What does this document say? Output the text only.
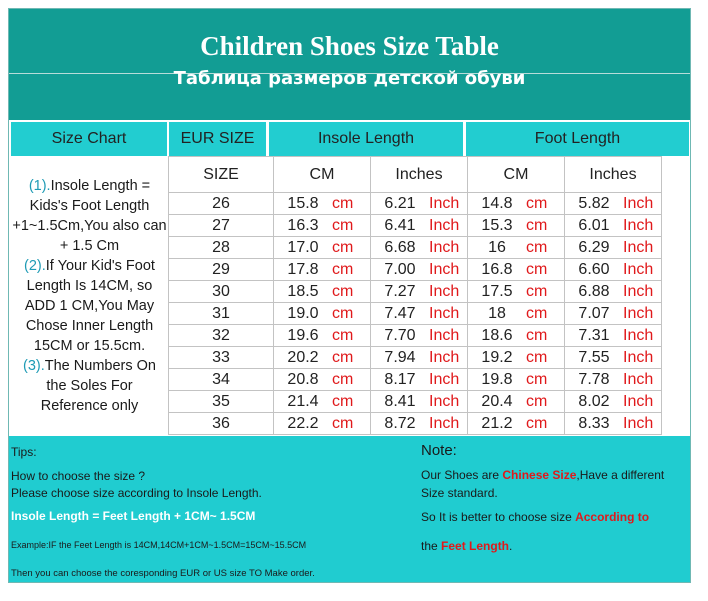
Children Shoes Size Table
Таблица размеров детской обуви
Size Chart	EUR SIZE	Insole Length	Foot Length

(1).Insole Length = Kids's Foot Length +1~1.5Cm,You also can + 1.5 Cm

(2).If Your Kid's Foot Length Is 14CM, so ADD 1 CM,You May Chose Inner Length 15CM or 15.5cm.

(3).The Numbers On the Soles For Reference only

SIZE	CM	Inches	CM	Inches
26	15.8 cm	6.21 Inch	14.8 cm	5.82 Inch
27	16.3 cm	6.41 Inch	15.3 cm	6.01 Inch
28	17.0 cm	6.68 Inch	16 cm	6.29 Inch
29	17.8 cm	7.00 Inch	16.8 cm	6.60 Inch
30	18.5 cm	7.27 Inch	17.5 cm	6.88 Inch
31	19.0 cm	7.47 Inch	18 cm	7.07 Inch
32	19.6 cm	7.70 Inch	18.6 cm	7.31 Inch
33	20.2 cm	7.94 Inch	19.2 cm	7.55 Inch
34	20.8 cm	8.17 Inch	19.8 cm	7.78 Inch
35	21.4 cm	8.41 Inch	20.4 cm	8.02 Inch
36	22.2 cm	8.72 Inch	21.2 cm	8.33 Inch
Tips:
How to choose the size ?
Please choose size according to Insole Length.
Insole Length = Feet Length + 1CM~ 1.5CM
Example:IF the Feet Length is 14CM,14CM+1CM~1.5CM=15CM~15.5CM
Then you can choose the coresponding EUR or US size TO Make order.
Note:
Our Shoes are Chinese Size,Have a different
Size standard.
So It is better to choose size According to
the Feet Length.
